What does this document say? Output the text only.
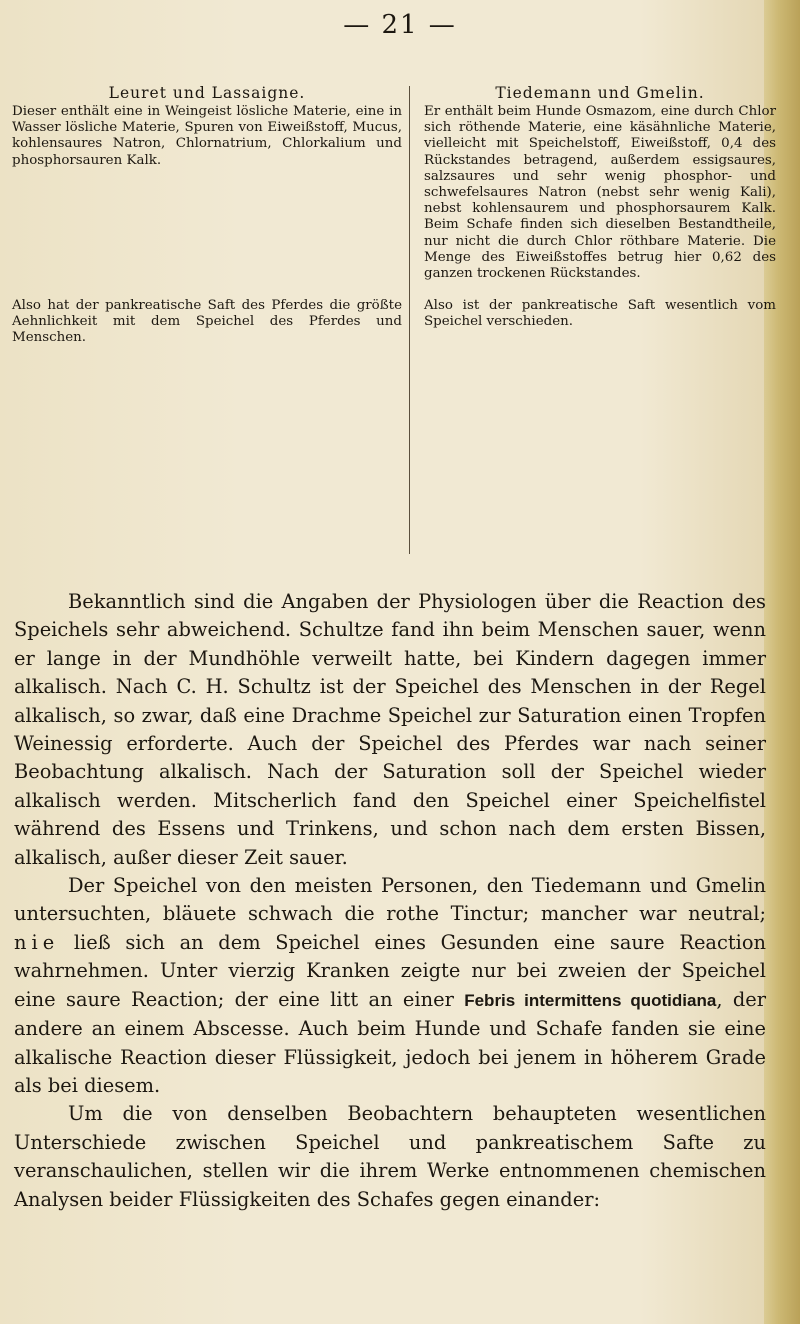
— 21 —
Leuret und Lassaigne.

Dieser enthält eine in Weingeist lösliche Materie, eine in Wasser lösliche Materie, Spuren von Eiweißstoff, Mucus, kohlensaures Natron, Chlornatrium, Chlorkalium und phosphorsauren Kalk.

Also hat der pankreatische Saft des Pferdes die größte Aehnlichkeit mit dem Speichel des Pferdes und Menschen.

Tiedemann und Gmelin.

Er enthält beim Hunde Osmazom, eine durch Chlor sich röthende Materie, eine käsähnliche Materie, vielleicht mit Speichelstoff, Eiweißstoff, 0,4 des Rückstandes betragend, außerdem essigsaures, salzsaures und sehr wenig phosphor- und schwefelsaures Natron (nebst sehr wenig Kali), nebst kohlensaurem und phosphorsaurem Kalk. Beim Schafe finden sich dieselben Bestandtheile, nur nicht die durch Chlor röthbare Materie. Die Menge des Eiweißstoffes betrug hier 0,62 des ganzen trockenen Rückstandes.

Also ist der pankreatische Saft wesentlich vom Speichel verschieden.

Bekanntlich sind die Angaben der Physiologen über die Reaction des Speichels sehr abweichend. Schultze fand ihn beim Menschen sauer, wenn er lange in der Mundhöhle verweilt hatte, bei Kindern dagegen immer alkalisch. Nach C. H. Schultz ist der Speichel des Menschen in der Regel alkalisch, so zwar, daß eine Drachme Speichel zur Saturation einen Tropfen Weinessig erforderte. Auch der Speichel des Pferdes war nach seiner Beobachtung alkalisch. Nach der Saturation soll der Speichel wieder alkalisch werden. Mitscherlich fand den Speichel einer Speichelfistel während des Essens und Trinkens, und schon nach dem ersten Bissen, alkalisch, außer dieser Zeit sauer.

Der Speichel von den meisten Personen, den Tiedemann und Gmelin untersuchten, bläuete schwach die rothe Tinctur; mancher war neutral; nie ließ sich an dem Speichel eines Gesunden eine saure Reaction wahrnehmen. Unter vierzig Kranken zeigte nur bei zweien der Speichel eine saure Reaction; der eine litt an einer Febris intermittens quotidiana, der andere an einem Abscesse. Auch beim Hunde und Schafe fanden sie eine alkalische Reaction dieser Flüssigkeit, jedoch bei jenem in höherem Grade als bei diesem.

Um die von denselben Beobachtern behaupteten wesentlichen Unterschiede zwischen Speichel und pankreatischem Safte zu veranschaulichen, stellen wir die ihrem Werke entnommenen chemischen Analysen beider Flüssigkeiten des Schafes gegen einander:
